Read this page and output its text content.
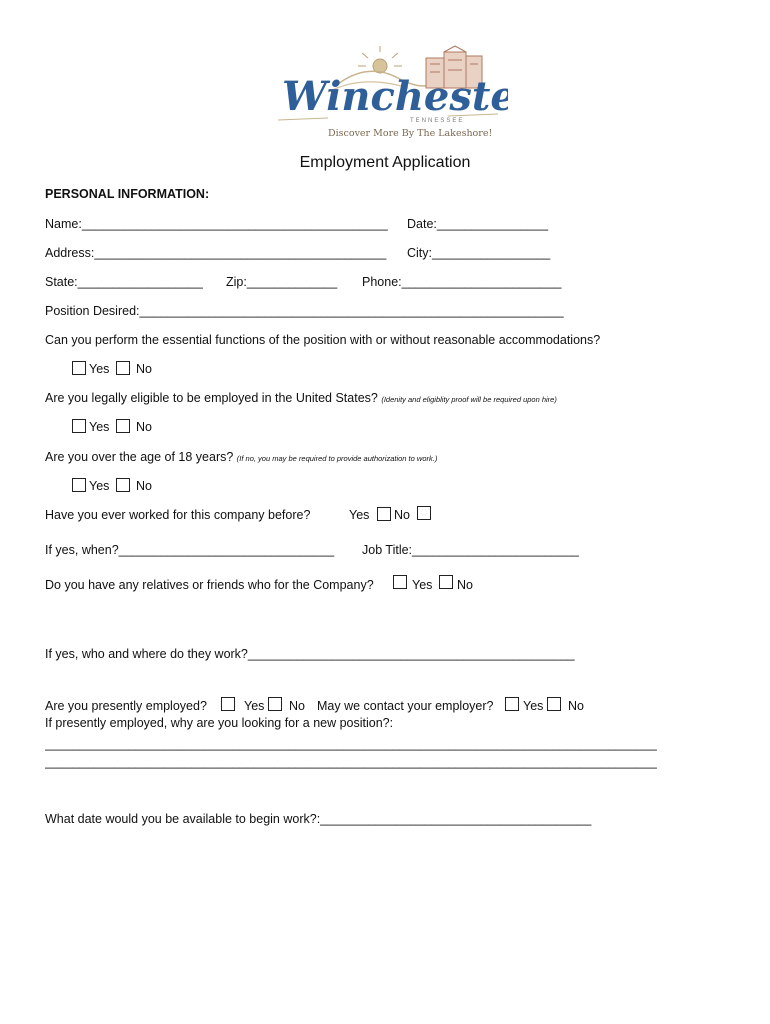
Winchest
TENNESSEE
Discover More By The Lakeshore!
Employment Application
PERSONAL INFORMATION:
Name:____________________________________________ Date:________________
Address:__________________________________________ City:_________________
State:__________________ Zip:_____________ Phone:_______________________
Position Desired:_____________________________________________________________
Can you perform the essential functions of the position with or without reasonable accommodations?
Yes No
Are you legally eligible to be employed in the United States? (Idenity and eligiblity proof will be required upon hire)
Yes No
Are you over the age of 18 years? (If no, you may be required to provide authorization to work.)
Yes No
Have you ever worked for this company before?	Yes No
If yes, when?_______________________________ Job Title:________________________
Do you have any relatives or friends who for the Company?	Yes No
If yes, who and where do they work?_______________________________________________
Are you presently employed?	Yes No May we contact your employer? Yes No
If presently employed, why are you looking for a new position?:
________________________________________________________________________________________
________________________________________________________________________________________
What date would you be available to begin work?:_______________________________________
